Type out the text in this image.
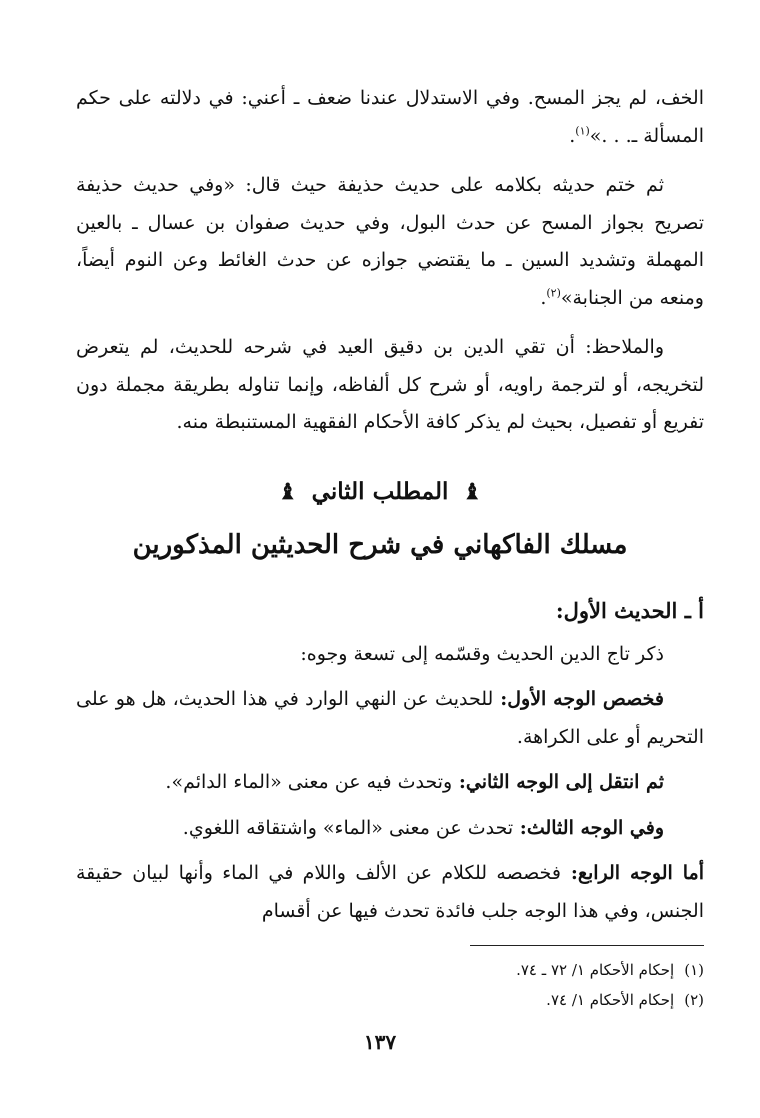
الخف، لم يجز المسح. وفي الاستدلال عندنا ضعف ـ أعني: في دلالته على حكم المسألة ـ. . .»$^{(١)}$.

ثم ختم حديثه بكلامه على حديث حذيفة حيث قال: «وفي حديث حذيفة تصريح بجواز المسح عن حدث البول، وفي حديث صفوان بن عسال ـ بالعين المهملة وتشديد السين ـ ما يقتضي جوازه عن حدث الغائط وعن النوم أيضاً، ومنعه من الجنابة»$^{(٢)}$.

والملاحظ: أن تقي الدين بن دقيق العيد في شرحه للحديث، لم يتعرض لتخريجه، أو لترجمة راويه، أو شرح كل ألفاظه، وإنما تناوله بطريقة مجملة دون تفريع أو تفصيل، بحيث لم يذكر كافة الأحكام الفقهية المستنبطة منه.

♝
المطلب الثاني
♝
مسلك الفاكهاني في شرح الحديثين المذكورين

أ ـ الحديث الأول:

ذكر تاج الدين الحديث وقسّمه إلى تسعة وجوه:

فخصص الوجه الأول: للحديث عن النهي الوارد في هذا الحديث، هل هو على التحريم أو على الكراهة.

ثم انتقل إلى الوجه الثاني: وتحدث فيه عن معنى «الماء الدائم».

وفي الوجه الثالث: تحدث عن معنى «الماء» واشتقاقه اللغوي.

أما الوجه الرابع: فخصصه للكلام عن الألف واللام في الماء وأنها لبيان حقيقة الجنس، وفي هذا الوجه جلب فائدة تحدث فيها عن أقسام

(١)
إحكام الأحكام ١/ ٧٢ ـ ٧٤.
(٢)
إحكام الأحكام ١/ ٧٤.
١٣٧
